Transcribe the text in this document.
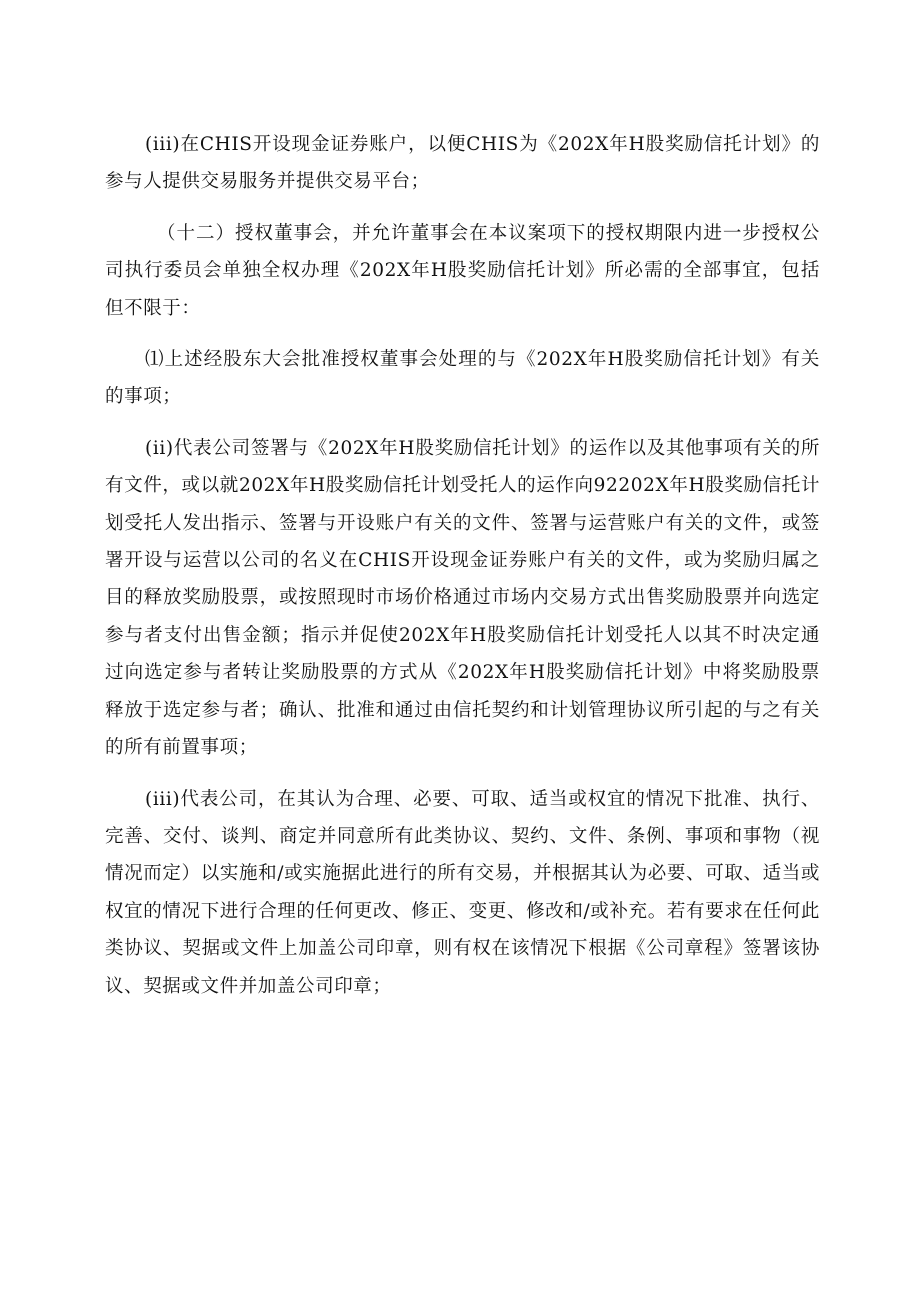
(iii)在CHIS开设现金证券账户，以便CHIS为《202X年H股奖励信托计划》的参与人提供交易服务并提供交易平台；

（十二）授权董事会，并允许董事会在本议案项下的授权期限内进一步授权公司执行委员会单独全权办理《202X年H股奖励信托计划》所必需的全部事宜，包括但不限于：

⑴上述经股东大会批准授权董事会处理的与《202X年H股奖励信托计划》有关的事项；

(ii)代表公司签署与《202X年H股奖励信托计划》的运作以及其他事项有关的所有文件，或以就202X年H股奖励信托计划受托人的运作向92202X年H股奖励信托计划受托人发出指示、签署与开设账户有关的文件、签署与运营账户有关的文件，或签署开设与运营以公司的名义在CHIS开设现金证券账户有关的文件，或为奖励归属之目的释放奖励股票，或按照现时市场价格通过市场内交易方式出售奖励股票并向选定参与者支付出售金额；指示并促使202X年H股奖励信托计划受托人以其不时决定通过向选定参与者转让奖励股票的方式从《202X年H股奖励信托计划》中将奖励股票释放于选定参与者；确认、批准和通过由信托契约和计划管理协议所引起的与之有关的所有前置事项；

(iii)代表公司，在其认为合理、必要、可取、适当或权宜的情况下批准、执行、完善、交付、谈判、商定并同意所有此类协议、契约、文件、条例、事项和事物（视情况而定）以实施和/或实施据此进行的所有交易，并根据其认为必要、可取、适当或权宜的情况下进行合理的任何更改、修正、变更、修改和/或补充。若有要求在任何此类协议、契据或文件上加盖公司印章，则有权在该情况下根据《公司章程》签署该协议、契据或文件并加盖公司印章；
